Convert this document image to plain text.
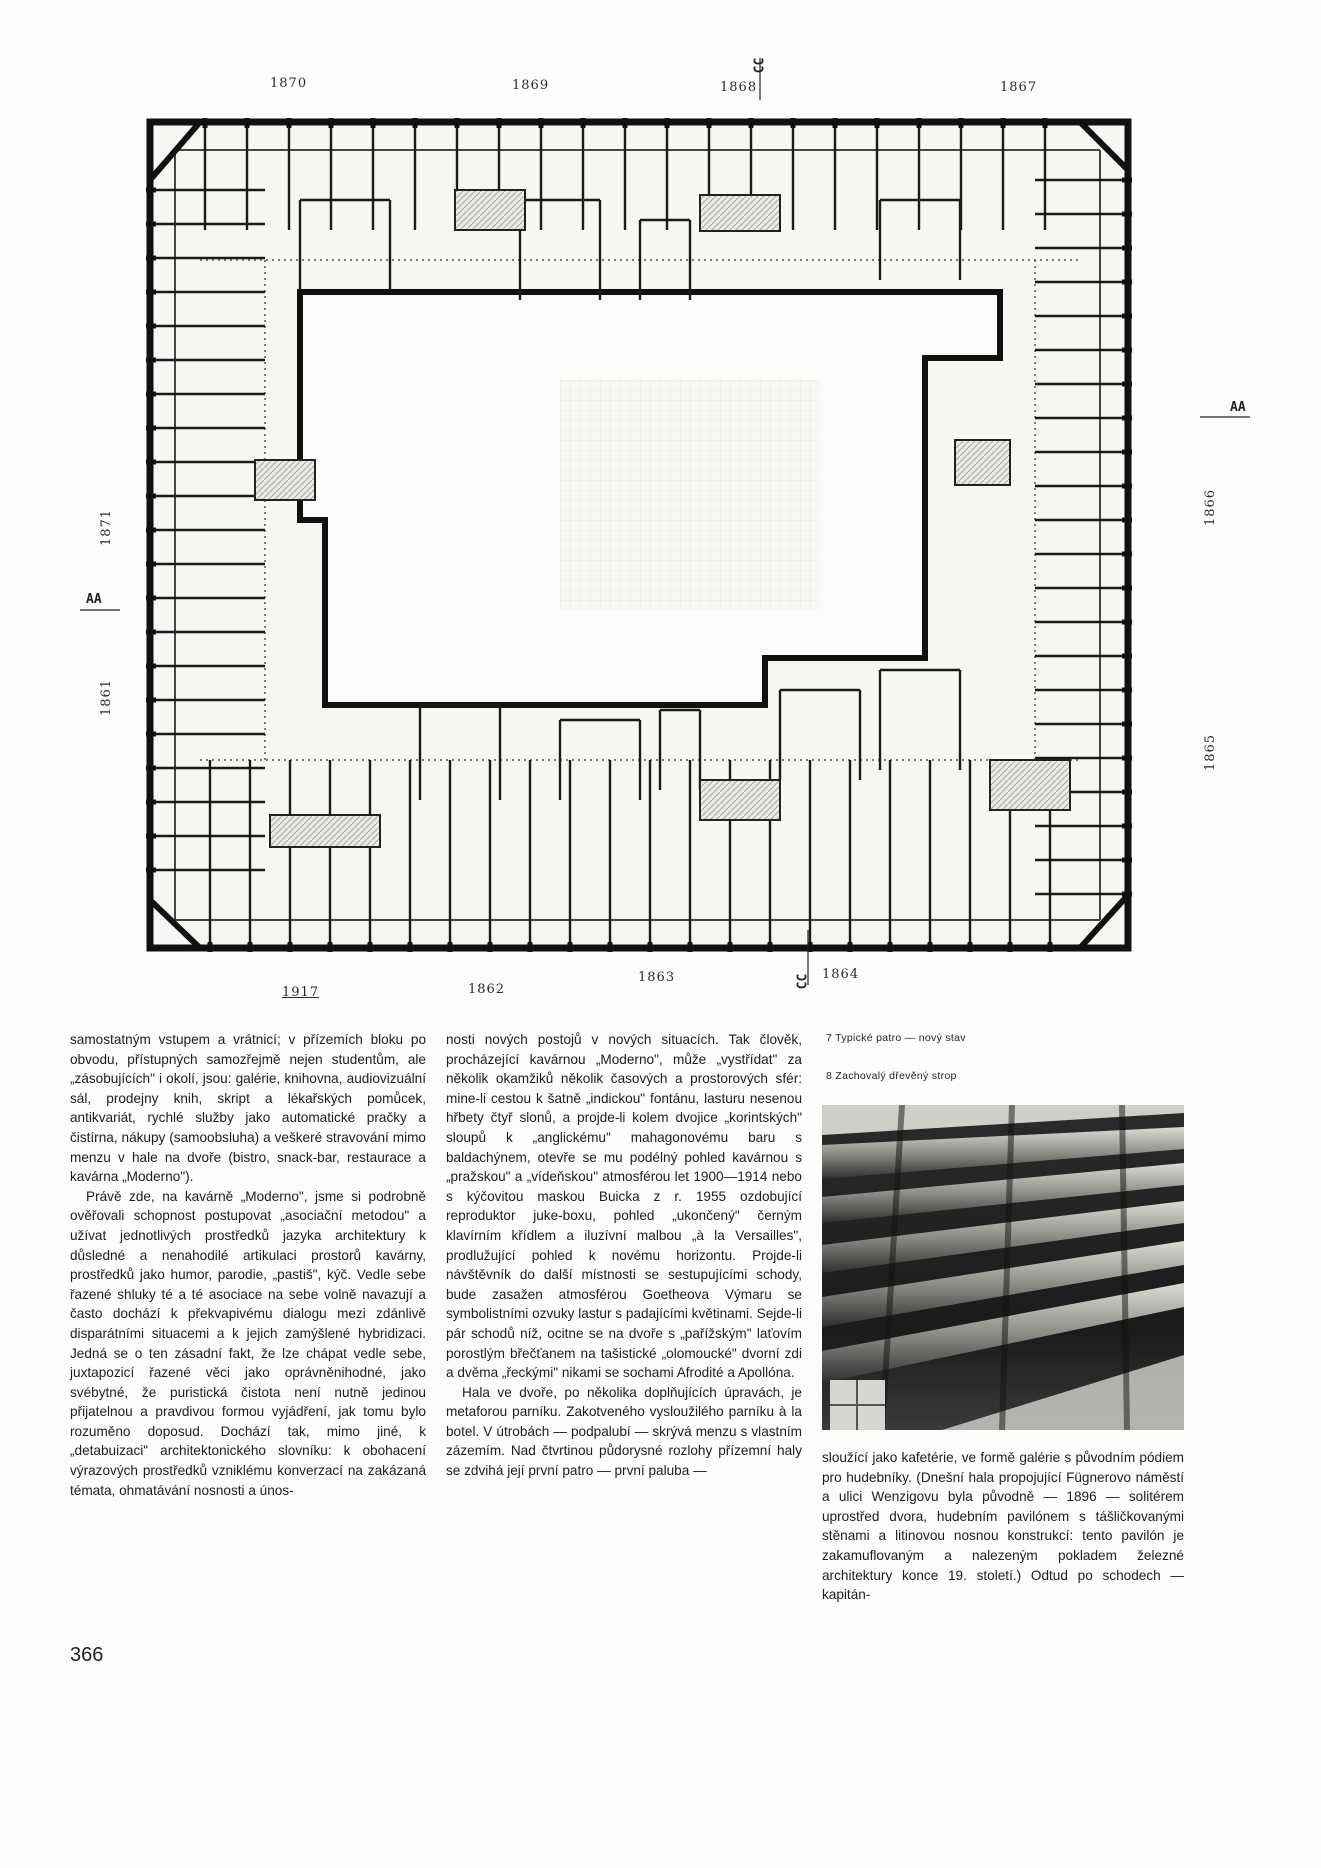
1870	1869	1868	1867
1917	1862
1863	1864
1871
1861
1866
1865
AA
AA
CC
CC

samostatným vstupem a vrátnicí; v přízemích bloku po obvodu, přístupných samozřejmě nejen studentům, ale „zásobujících" i okolí, jsou: galérie, knihovna, audiovizuální sál, prodejny knih, skript a lékařských pomůcek, antikvariát, rychlé služby jako automatické pračky a čistírna, nákupy (samoobsluha) a veškeré stravování mimo menzu v hale na dvoře (bistro, snack-bar, restaurace a kavárna „Moderno").

Právě zde, na kavárně „Moderno", jsme si podrobně ověřovali schopnost postupovat „asociační metodou" a užívat jednotlivých prostředků jazyka architektury k důsledné a nenahodilé artikulaci prostorů kavárny, prostředků jako humor, parodie, „pastiš", kýč. Vedle sebe řazené shluky té a té asociace na sebe volně navazují a často dochází k překvapivému dialogu mezi zdánlivě disparátními situacemi a k jejich zamýšlené hybridizaci. Jedná se o ten zásadní fakt, že lze chápat vedle sebe, juxtapozicí řazené věci jako oprávněnihodné, jako svébytné, že puristická čistota není nutně jedinou přijatelnou a pravdivou formou vyjádření, jak tomu bylo rozuměno doposud. Dochází tak, mimo jiné, k „detabuizaci" architektonického slovníku: k obohacení výrazových prostředků vzniklému konverzací na zakázaná témata, ohmatávání nosnosti a únos-

nosti nových postojů v nových situacích. Tak člověk, procházející kavárnou „Moderno", může „vystřídat" za několik okamžiků několik časových a prostorových sfér: mine-li cestou k šatně „indickou" fontánu, lasturu nesenou hřbety čtyř slonů, a projde-li kolem dvojice „korintských" sloupů k „anglickému" mahagonovému baru s baldachýnem, otevře se mu podélný pohled kavárnou s „pražskou" a „vídeňskou" atmosférou let 1900—1914 nebo s kýčovitou maskou Buicka z r. 1955 ozdobující reproduktor juke-boxu, pohled „ukončený" černým klavírním křídlem a iluzívní malbou „à la Versailles", prodlužující pohled k novému horizontu. Projde-li návštěvník do další místnosti se sestupujícími schody, bude zasažen atmosférou Goetheova Výmaru se symbolistními ozvuky lastur s padajícími květinami. Sejde-li pár schodů níž, ocitne se na dvoře s „pařížským" laťovím porostlým břečťanem na tašistické „olomoucké" dvorní zdi a dvěma „řeckými" nikami se sochami Afrodité a Apollóna.

Hala ve dvoře, po několika doplňujících úpravách, je metaforou parníku. Zakotveného vysloužilého parníku à la botel. V útrobách — podpalubí — skrývá menzu s vlastním zázemím. Nad čtvrtinou půdorysné rozlohy přízemní haly se zdvihá její první patro — první paluba —

7 Typické patro — nový stav
8 Zachovalý dřevěný strop

sloužící jako kafetérie, ve formě galérie s původním pódiem pro hudebníky. (Dnešní hala propojující Fügnerovo náměstí a ulici Wenzigovu byla původně — 1896 — solitérem uprostřed dvora, hudebním pavilónem s tášličkovanými stěnami a litinovou nosnou konstrukcí: tento pavilón je zakamuflovaným a nalezeným pokladem železné architektury konce 19. století.) Odtud po schodech — kapitán-

366
